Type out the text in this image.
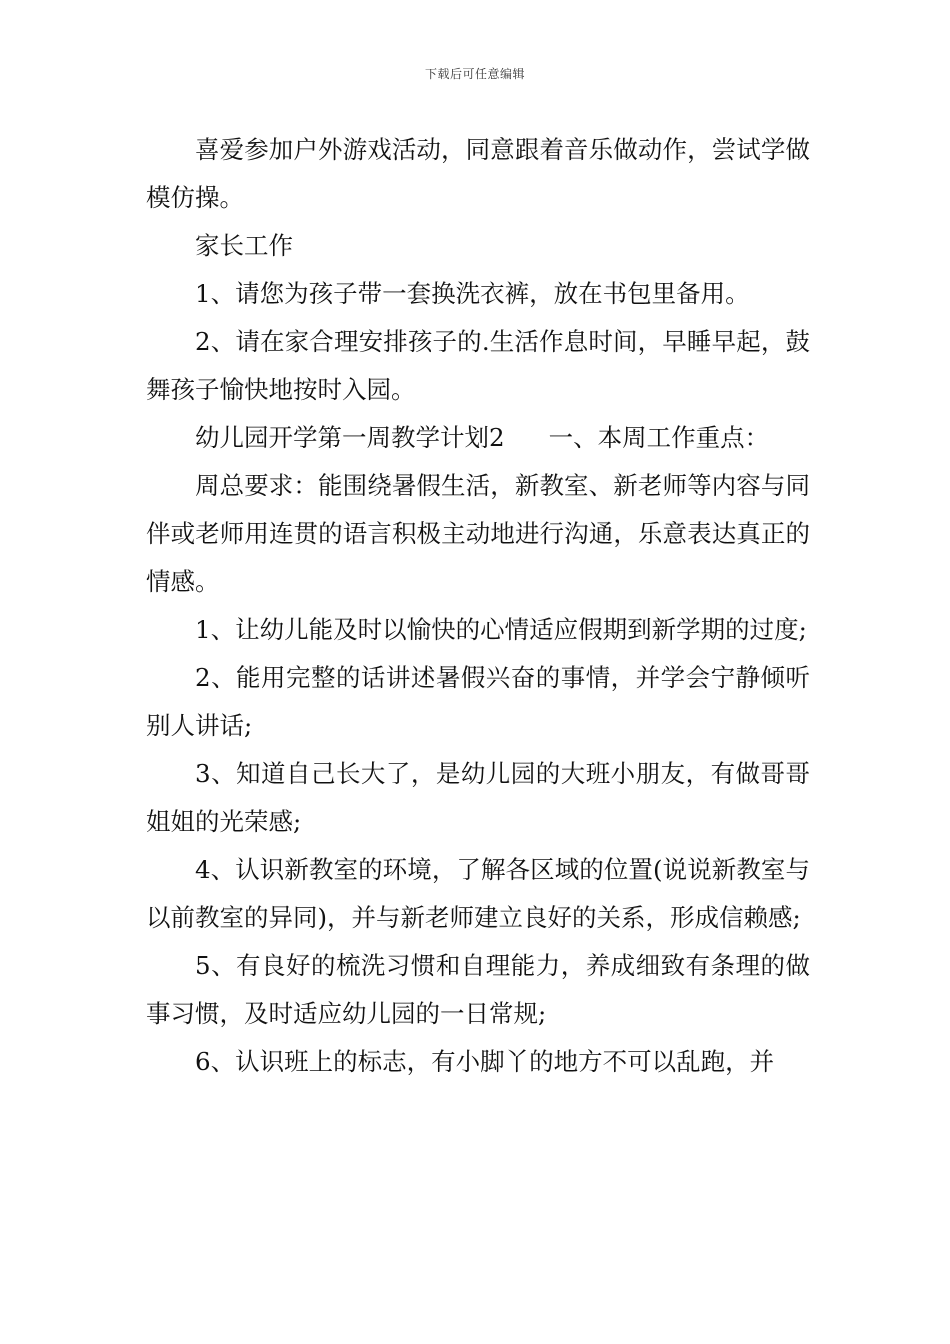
下载后可任意编辑

喜爱参加户外游戏活动，同意跟着音乐做动作，尝试学做模仿操。

家长工作

1、请您为孩子带一套换洗衣裤，放在书包里备用。

2、请在家合理安排孩子的.生活作息时间，早睡早起，鼓舞孩子愉快地按时入园。

幼儿园开学第一周教学计划2 一、本周工作重点：

周总要求：能围绕暑假生活，新教室、新老师等内容与同伴或老师用连贯的语言积极主动地进行沟通，乐意表达真正的情感。

1、让幼儿能及时以愉快的心情适应假期到新学期的过度;

2、能用完整的话讲述暑假兴奋的事情，并学会宁静倾听别人讲话;

3、知道自己长大了，是幼儿园的大班小朋友，有做哥哥姐姐的光荣感;

4、认识新教室的环境，了解各区域的位置(说说新教室与以前教室的异同)，并与新老师建立良好的关系，形成信赖感;

5、有良好的梳洗习惯和自理能力，养成细致有条理的做事习惯，及时适应幼儿园的一日常规;

6、认识班上的标志，有小脚丫的地方不可以乱跑，并
